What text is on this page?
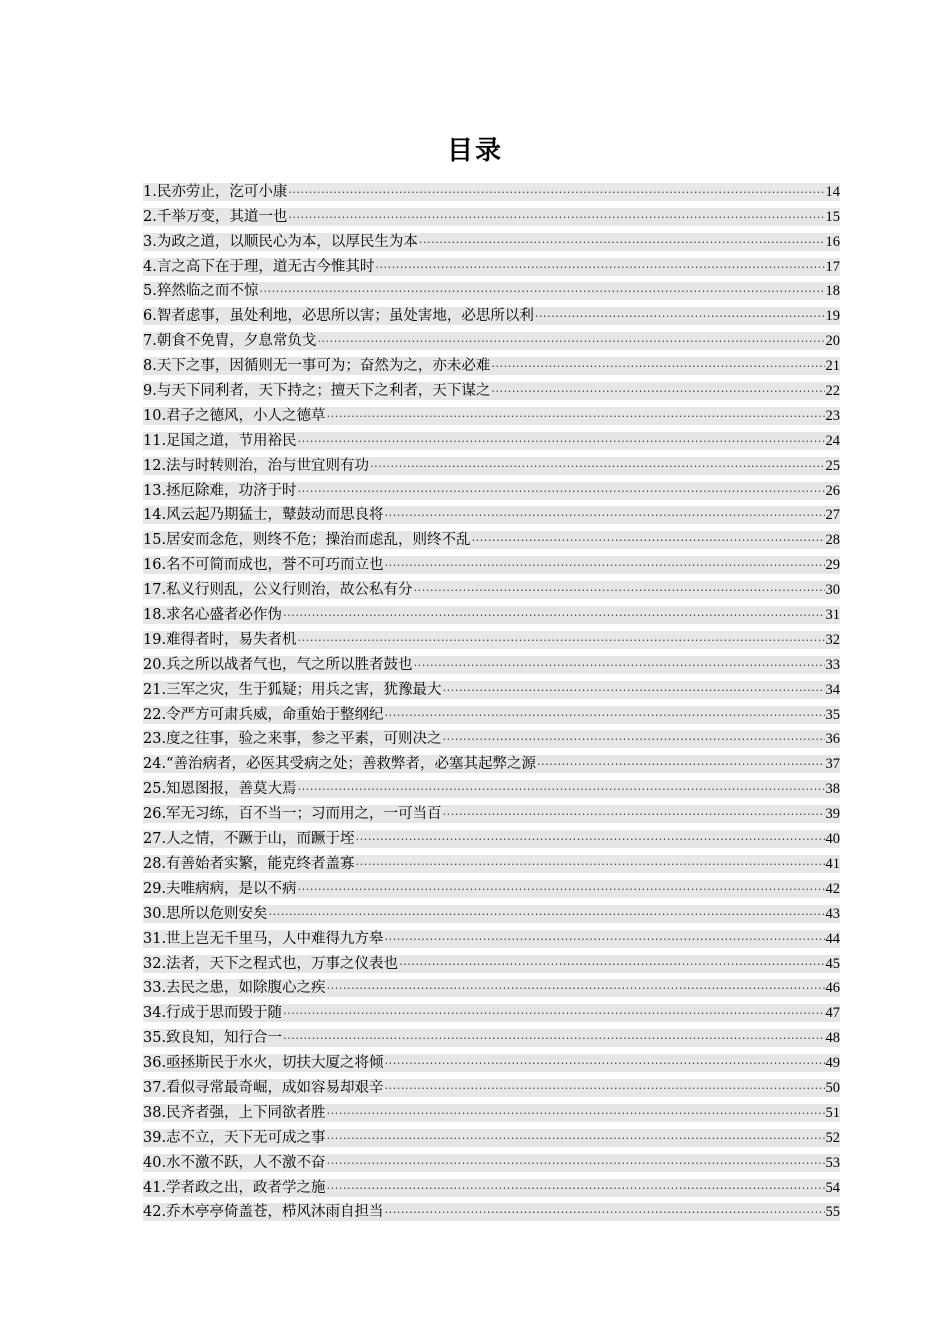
目录
1.民亦劳止，汔可小康 .....	14
2.千举万变，其道一也 .....	15
3.为政之道，以顺民心为本，以厚民生为本 .....	16
4.言之高下在于理，道无古今惟其时 .....	17
5.猝然临之而不惊 .....	18
6.智者虑事，虽处利地，必思所以害；虽处害地，必思所以利 .....	19
7.朝食不免胄，夕息常负戈 .....	20
8.天下之事，因循则无一事可为；奋然为之，亦未必难 .....	21
9.与天下同利者，天下持之；擅天下之利者，天下谋之 .....	22
10.君子之德风，小人之德草 .....	23
11.足国之道，节用裕民 .....	24
12.法与时转则治，治与世宜则有功 .....	25
13.拯厄除难，功济于时 .....	26
14.风云起乃期猛士，鼙鼓动而思良将 .....	27
15.居安而念危，则终不危；操治而虑乱，则终不乱 .....	28
16.名不可简而成也，誉不可巧而立也 .....	29
17.私义行则乱，公义行则治，故公私有分 .....	30
18.求名心盛者必作伪 .....	31
19.难得者时，易失者机 .....	32
20.兵之所以战者气也，气之所以胜者鼓也 .....	33
21.三军之灾，生于狐疑；用兵之害，犹豫最大 .....	34
22.令严方可肃兵威，命重始于整纲纪 .....	35
23.度之往事，验之来事，参之平素，可则决之 .....	36
24.“善治病者，必医其受病之处；善救弊者，必塞其起弊之源 .....	37
25.知恩图报，善莫大焉 .....	38
26.军无习练，百不当一；习而用之，一可当百 .....	39
27.人之情，不蹶于山，而蹶于垤 .....	40
28.有善始者实繁，能克终者盖寡 .....	41
29.夫唯病病，是以不病 .....	42
30.思所以危则安矣 .....	43
31.世上岂无千里马，人中难得九方皋 .....	44
32.法者，天下之程式也，万事之仪表也 .....	45
33.去民之患，如除腹心之疾 .....	46
34.行成于思而毁于随 .....	47
35.致良知，知行合一 .....	48
36.亟拯斯民于水火，切扶大厦之将倾 .....	49
37.看似寻常最奇崛，成如容易却艰辛 .....	50
38.民齐者强，上下同欲者胜 .....	51
39.志不立，天下无可成之事 .....	52
40.水不激不跃，人不激不奋 .....	53
41.学者政之出，政者学之施 .....	54
42.乔木亭亭倚盖苍，栉风沐雨自担当 .....	55
